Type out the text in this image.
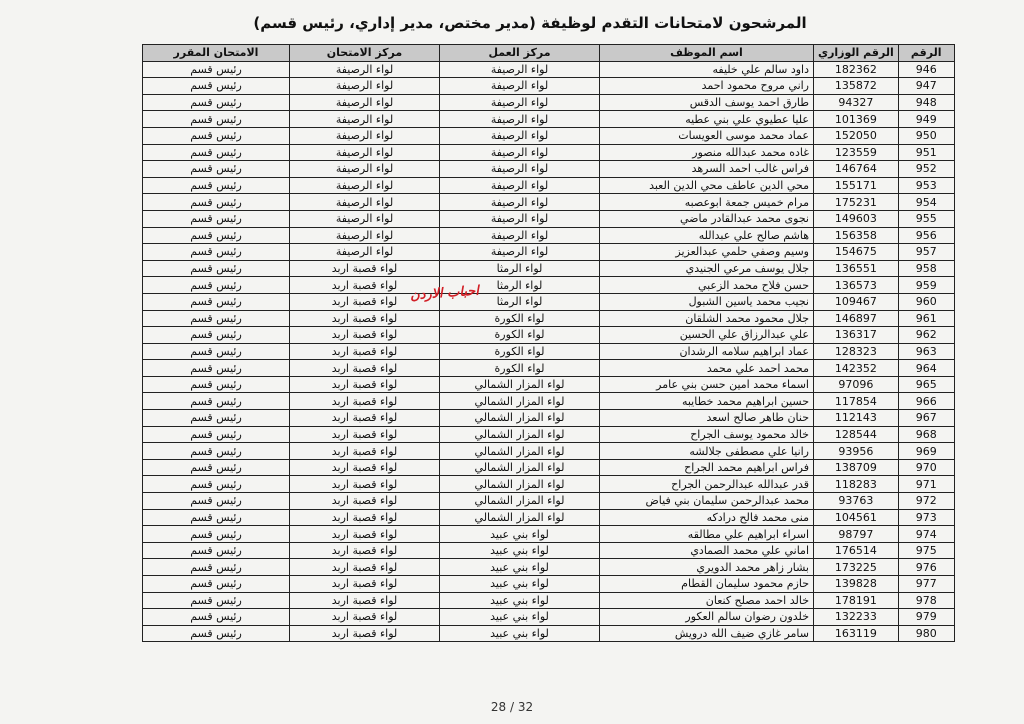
المرشحون لامتحانات التقدم لوظيفة (مدير مختص، مدير إداري، رئيس قسم)
الرقم	الرقم الوزاري	اسم الموظف	مركز العمل	مركز الامتحان	الامتحان المقرر
946	182362	داود سالم علي خليفه	لواء الرصيفة	لواء الرصيفة	رئيس قسم
947	135872	راني مروح محمود احمد	لواء الرصيفة	لواء الرصيفة	رئيس قسم
948	94327	طارق احمد يوسف الدقس	لواء الرصيفة	لواء الرصيفة	رئيس قسم
949	101369	عليا عطيوي علي بني عطيه	لواء الرصيفة	لواء الرصيفة	رئيس قسم
950	152050	عماد محمد موسى العويسات	لواء الرصيفة	لواء الرصيفة	رئيس قسم
951	123559	غاده محمد عبدالله منصور	لواء الرصيفة	لواء الرصيفة	رئيس قسم
952	146764	فراس غالب احمد السرهد	لواء الرصيفة	لواء الرصيفة	رئيس قسم
953	155171	محي الدين عاطف محي الدين العبد	لواء الرصيفة	لواء الرصيفة	رئيس قسم
954	175231	مرام خميس جمعة ابوعصبه	لواء الرصيفة	لواء الرصيفة	رئيس قسم
955	149603	نجوى محمد عبدالقادر ماضي	لواء الرصيفة	لواء الرصيفة	رئيس قسم
956	156358	هاشم صالح علي عبدالله	لواء الرصيفة	لواء الرصيفة	رئيس قسم
957	154675	وسيم وصفي حلمي عبدالعزيز	لواء الرصيفة	لواء الرصيفة	رئيس قسم
958	136551	جلال يوسف مرعي الجنيدي	لواء الرمثا	لواء قصبة اربد	رئيس قسم
959	136573	حسن فلاح محمد الزعبي	لواء الرمثا	لواء قصبة اربد	رئيس قسم
960	109467	نجيب محمد ياسين الشبول	لواء الرمثا	لواء قصبة اربد	رئيس قسم
961	146897	جلال محمود محمد الشلقان	لواء الكورة	لواء قصبة اربد	رئيس قسم
962	136317	علي عبدالرزاق علي الحسين	لواء الكورة	لواء قصبة اربد	رئيس قسم
963	128323	عماد ابراهيم سلامه الرشدان	لواء الكورة	لواء قصبة اربد	رئيس قسم
964	142352	محمد احمد علي محمد	لواء الكورة	لواء قصبة اربد	رئيس قسم
965	97096	اسماء محمد امين حسن بني عامر	لواء المزار الشمالي	لواء قصبة اربد	رئيس قسم
966	117854	حسين ابراهيم محمد خطايبه	لواء المزار الشمالي	لواء قصبة اربد	رئيس قسم
967	112143	حنان طاهر صالح اسعد	لواء المزار الشمالي	لواء قصبة اربد	رئيس قسم
968	128544	خالد محمود يوسف الجراح	لواء المزار الشمالي	لواء قصبة اربد	رئيس قسم
969	93956	رانيا علي مصطفى جلالشه	لواء المزار الشمالي	لواء قصبة اربد	رئيس قسم
970	138709	فراس ابراهيم محمد الجراح	لواء المزار الشمالي	لواء قصبة اربد	رئيس قسم
971	118283	قدر عبدالله عبدالرحمن الجراح	لواء المزار الشمالي	لواء قصبة اربد	رئيس قسم
972	93763	محمد عبدالرحمن سليمان بني فياض	لواء المزار الشمالي	لواء قصبة اربد	رئيس قسم
973	104561	منى محمد فالح درادكه	لواء المزار الشمالي	لواء قصبة اربد	رئيس قسم
974	98797	اسراء ابراهيم علي مطالقه	لواء بني عبيد	لواء قصبة اربد	رئيس قسم
975	176514	اماني علي محمد الصمادي	لواء بني عبيد	لواء قصبة اربد	رئيس قسم
976	173225	بشار زاهر محمد الدويري	لواء بني عبيد	لواء قصبة اربد	رئيس قسم
977	139828	حازم محمود سليمان القطام	لواء بني عبيد	لواء قصبة اربد	رئيس قسم
978	178191	خالد احمد مصلح كنعان	لواء بني عبيد	لواء قصبة اربد	رئيس قسم
979	132233	خلدون رضوان سالم العكور	لواء بني عبيد	لواء قصبة اربد	رئيس قسم
980	163119	سامر غازي ضيف الله درويش	لواء بني عبيد	لواء قصبة اربد	رئيس قسم
احباب الاردن
28 / 32
